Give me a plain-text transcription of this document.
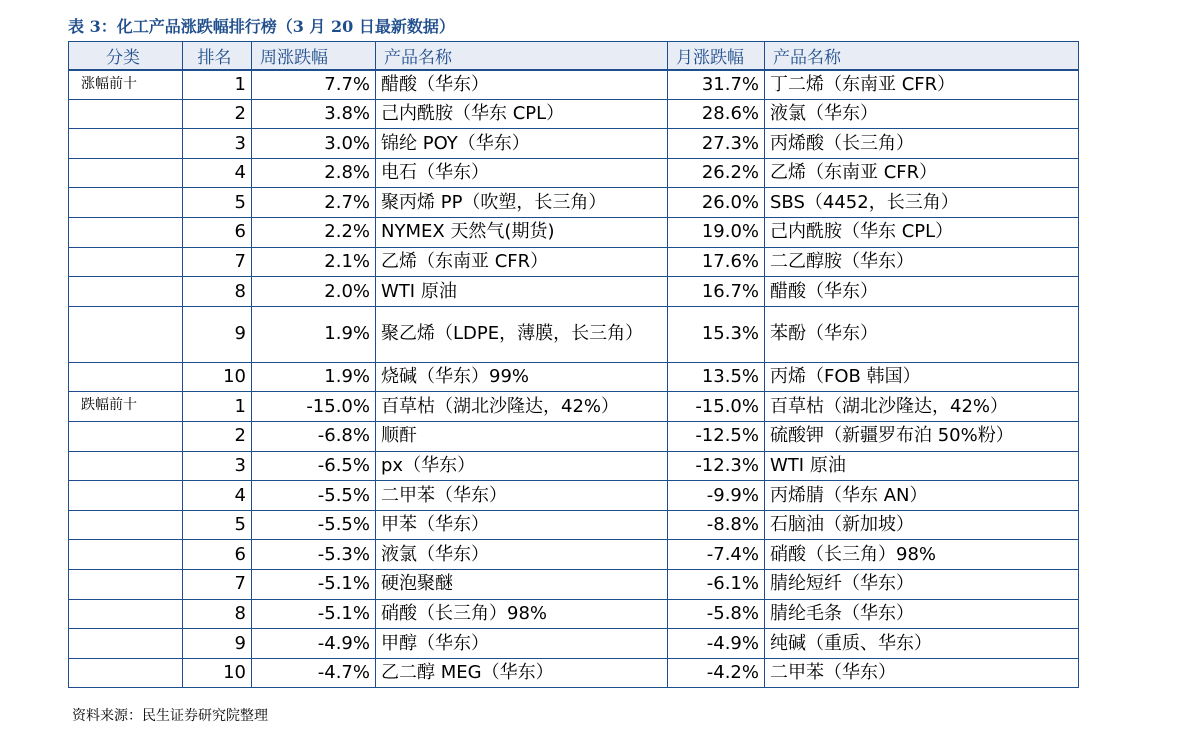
表 3：化工产品涨跌幅排行榜（3 月 20 日最新数据）
分类	排名	周涨跌幅	产品名称	月涨跌幅	产品名称
涨幅前十	1	7.7%	醋酸（华东）	31.7%	丁二烯（东南亚 CFR）
	2	3.8%	己内酰胺（华东 CPL）	28.6%	液氯（华东）
	3	3.0%	锦纶 POY（华东）	27.3%	丙烯酸（长三角）
	4	2.8%	电石（华东）	26.2%	乙烯（东南亚 CFR）
	5	2.7%	聚丙烯 PP（吹塑，长三角）	26.0%	SBS（4452，长三角）
	6	2.2%	NYMEX 天然气(期货)	19.0%	己内酰胺（华东 CPL）
	7	2.1%	乙烯（东南亚 CFR）	17.6%	二乙醇胺（华东）
	8	2.0%	WTI 原油	16.7%	醋酸（华东）
	9	1.9%	聚乙烯（LDPE，薄膜，长三角）	15.3%	苯酚（华东）
	10	1.9%	烧碱（华东）99%	13.5%	丙烯（FOB 韩国）
跌幅前十	1	-15.0%	百草枯（湖北沙隆达，42%）	-15.0%	百草枯（湖北沙隆达，42%）
	2	-6.8%	顺酐	-12.5%	硫酸钾（新疆罗布泊 50%粉）
	3	-6.5%	px（华东）	-12.3%	WTI 原油
	4	-5.5%	二甲苯（华东）	-9.9%	丙烯腈（华东 AN）
	5	-5.5%	甲苯（华东）	-8.8%	石脑油（新加坡）
	6	-5.3%	液氯（华东）	-7.4%	硝酸（长三角）98%
	7	-5.1%	硬泡聚醚	-6.1%	腈纶短纤（华东）
	8	-5.1%	硝酸（长三角）98%	-5.8%	腈纶毛条（华东）
	9	-4.9%	甲醇（华东）	-4.9%	纯碱（重质、华东）
	10	-4.7%	乙二醇 MEG（华东）	-4.2%	二甲苯（华东）
资料来源：民生证券研究院整理
